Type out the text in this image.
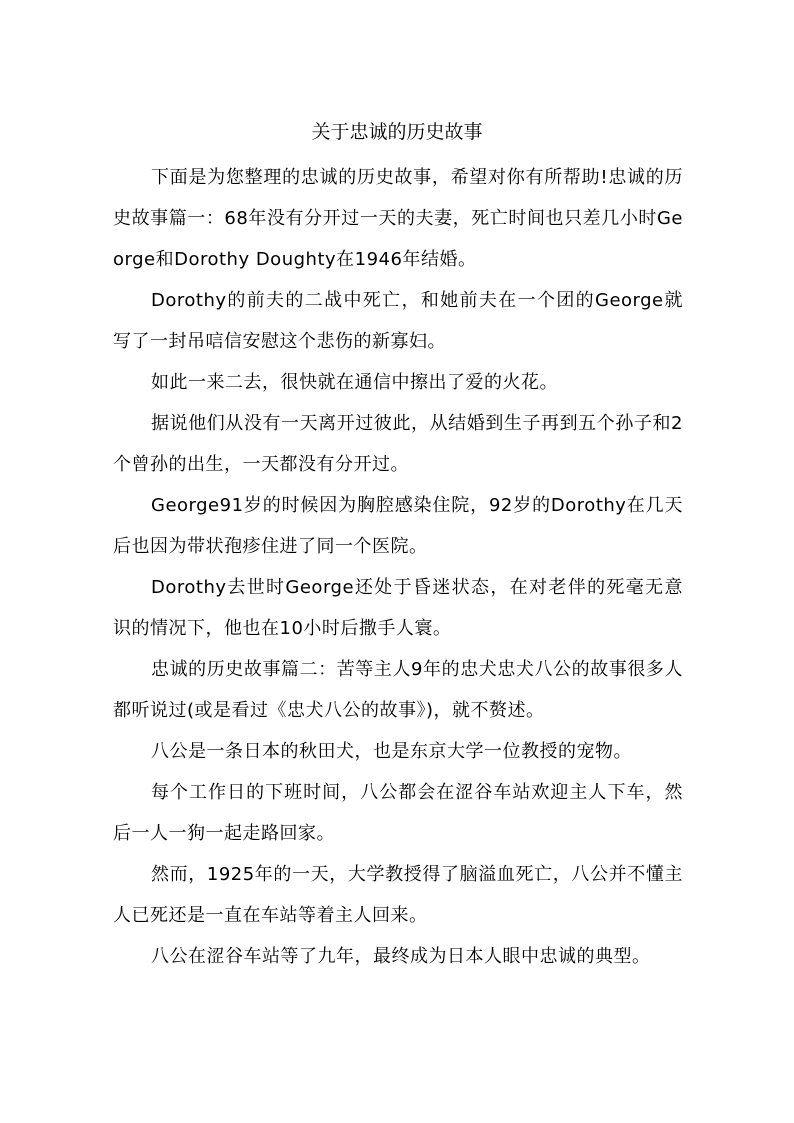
关于忠诚的历史故事

下面是为您整理的忠诚的历史故事，希望对你有所帮助!忠诚的历史故事篇一：68年没有分开过一天的夫妻，死亡时间也只差几小时George和Dorothy Doughty在1946年结婚。

Dorothy的前夫的二战中死亡，和她前夫在一个团的George就写了一封吊唁信安慰这个悲伤的新寡妇。

如此一来二去，很快就在通信中擦出了爱的火花。

据说他们从没有一天离开过彼此，从结婚到生子再到五个孙子和2个曾孙的出生，一天都没有分开过。

George91岁的时候因为胸腔感染住院，92岁的Dorothy在几天后也因为带状孢疹住进了同一个医院。

Dorothy去世时George还处于昏迷状态，在对老伴的死毫无意识的情况下，他也在10小时后撒手人寰。

忠诚的历史故事篇二：苦等主人9年的忠犬忠犬八公的故事很多人都听说过(或是看过《忠犬八公的故事》)，就不赘述。

八公是一条日本的秋田犬，也是东京大学一位教授的宠物。

每个工作日的下班时间，八公都会在涩谷车站欢迎主人下车，然后一人一狗一起走路回家。

然而，1925年的一天，大学教授得了脑溢血死亡，八公并不懂主人已死还是一直在车站等着主人回来。

八公在涩谷车站等了九年，最终成为日本人眼中忠诚的典型。
